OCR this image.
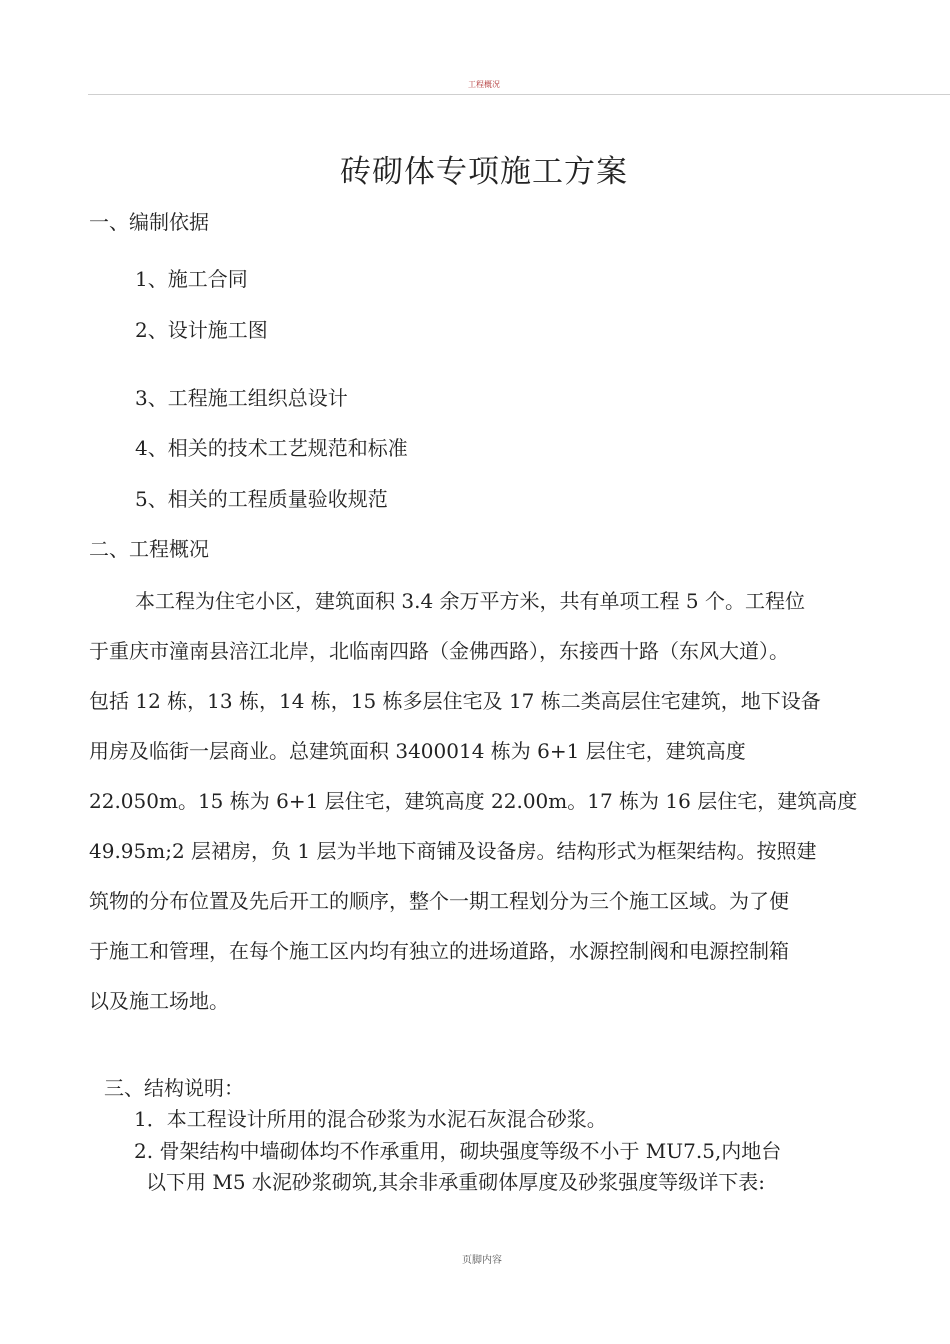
工程概况
砖砌体专项施工方案
一、编制依据
1、施工合同
2、设计施工图
3、工程施工组织总设计
4、相关的技术工艺规范和标准
5、相关的工程质量验收规范
二、工程概况
本工程为住宅小区，建筑面积 3.4 余万平方米，共有单项工程 5 个。工程位
于重庆市潼南县涪江北岸，北临南四路（金佛西路），东接西十路（东风大道）。
包括 12 栋，13 栋，14 栋，15 栋多层住宅及 17 栋二类高层住宅建筑，地下设备
用房及临街一层商业。总建筑面积 3400014 栋为 6+1 层住宅，建筑高度
22.050m。15 栋为 6+1 层住宅，建筑高度 22.00m。17 栋为 16 层住宅，建筑高度
49.95m;2 层裙房，负 1 层为半地下商铺及设备房。结构形式为框架结构。按照建
筑物的分布位置及先后开工的顺序，整个一期工程划分为三个施工区域。为了便
于施工和管理，在每个施工区内均有独立的进场道路，水源控制阀和电源控制箱
以及施工场地。
三、结构说明：
1．本工程设计所用的混合砂浆为水泥石灰混合砂浆。
2. 骨架结构中墙砌体均不作承重用，砌块强度等级不小于 MU7.5,内地台
以下用 M5 水泥砂浆砌筑,其余非承重砌体厚度及砂浆强度等级详下表:
页脚内容
